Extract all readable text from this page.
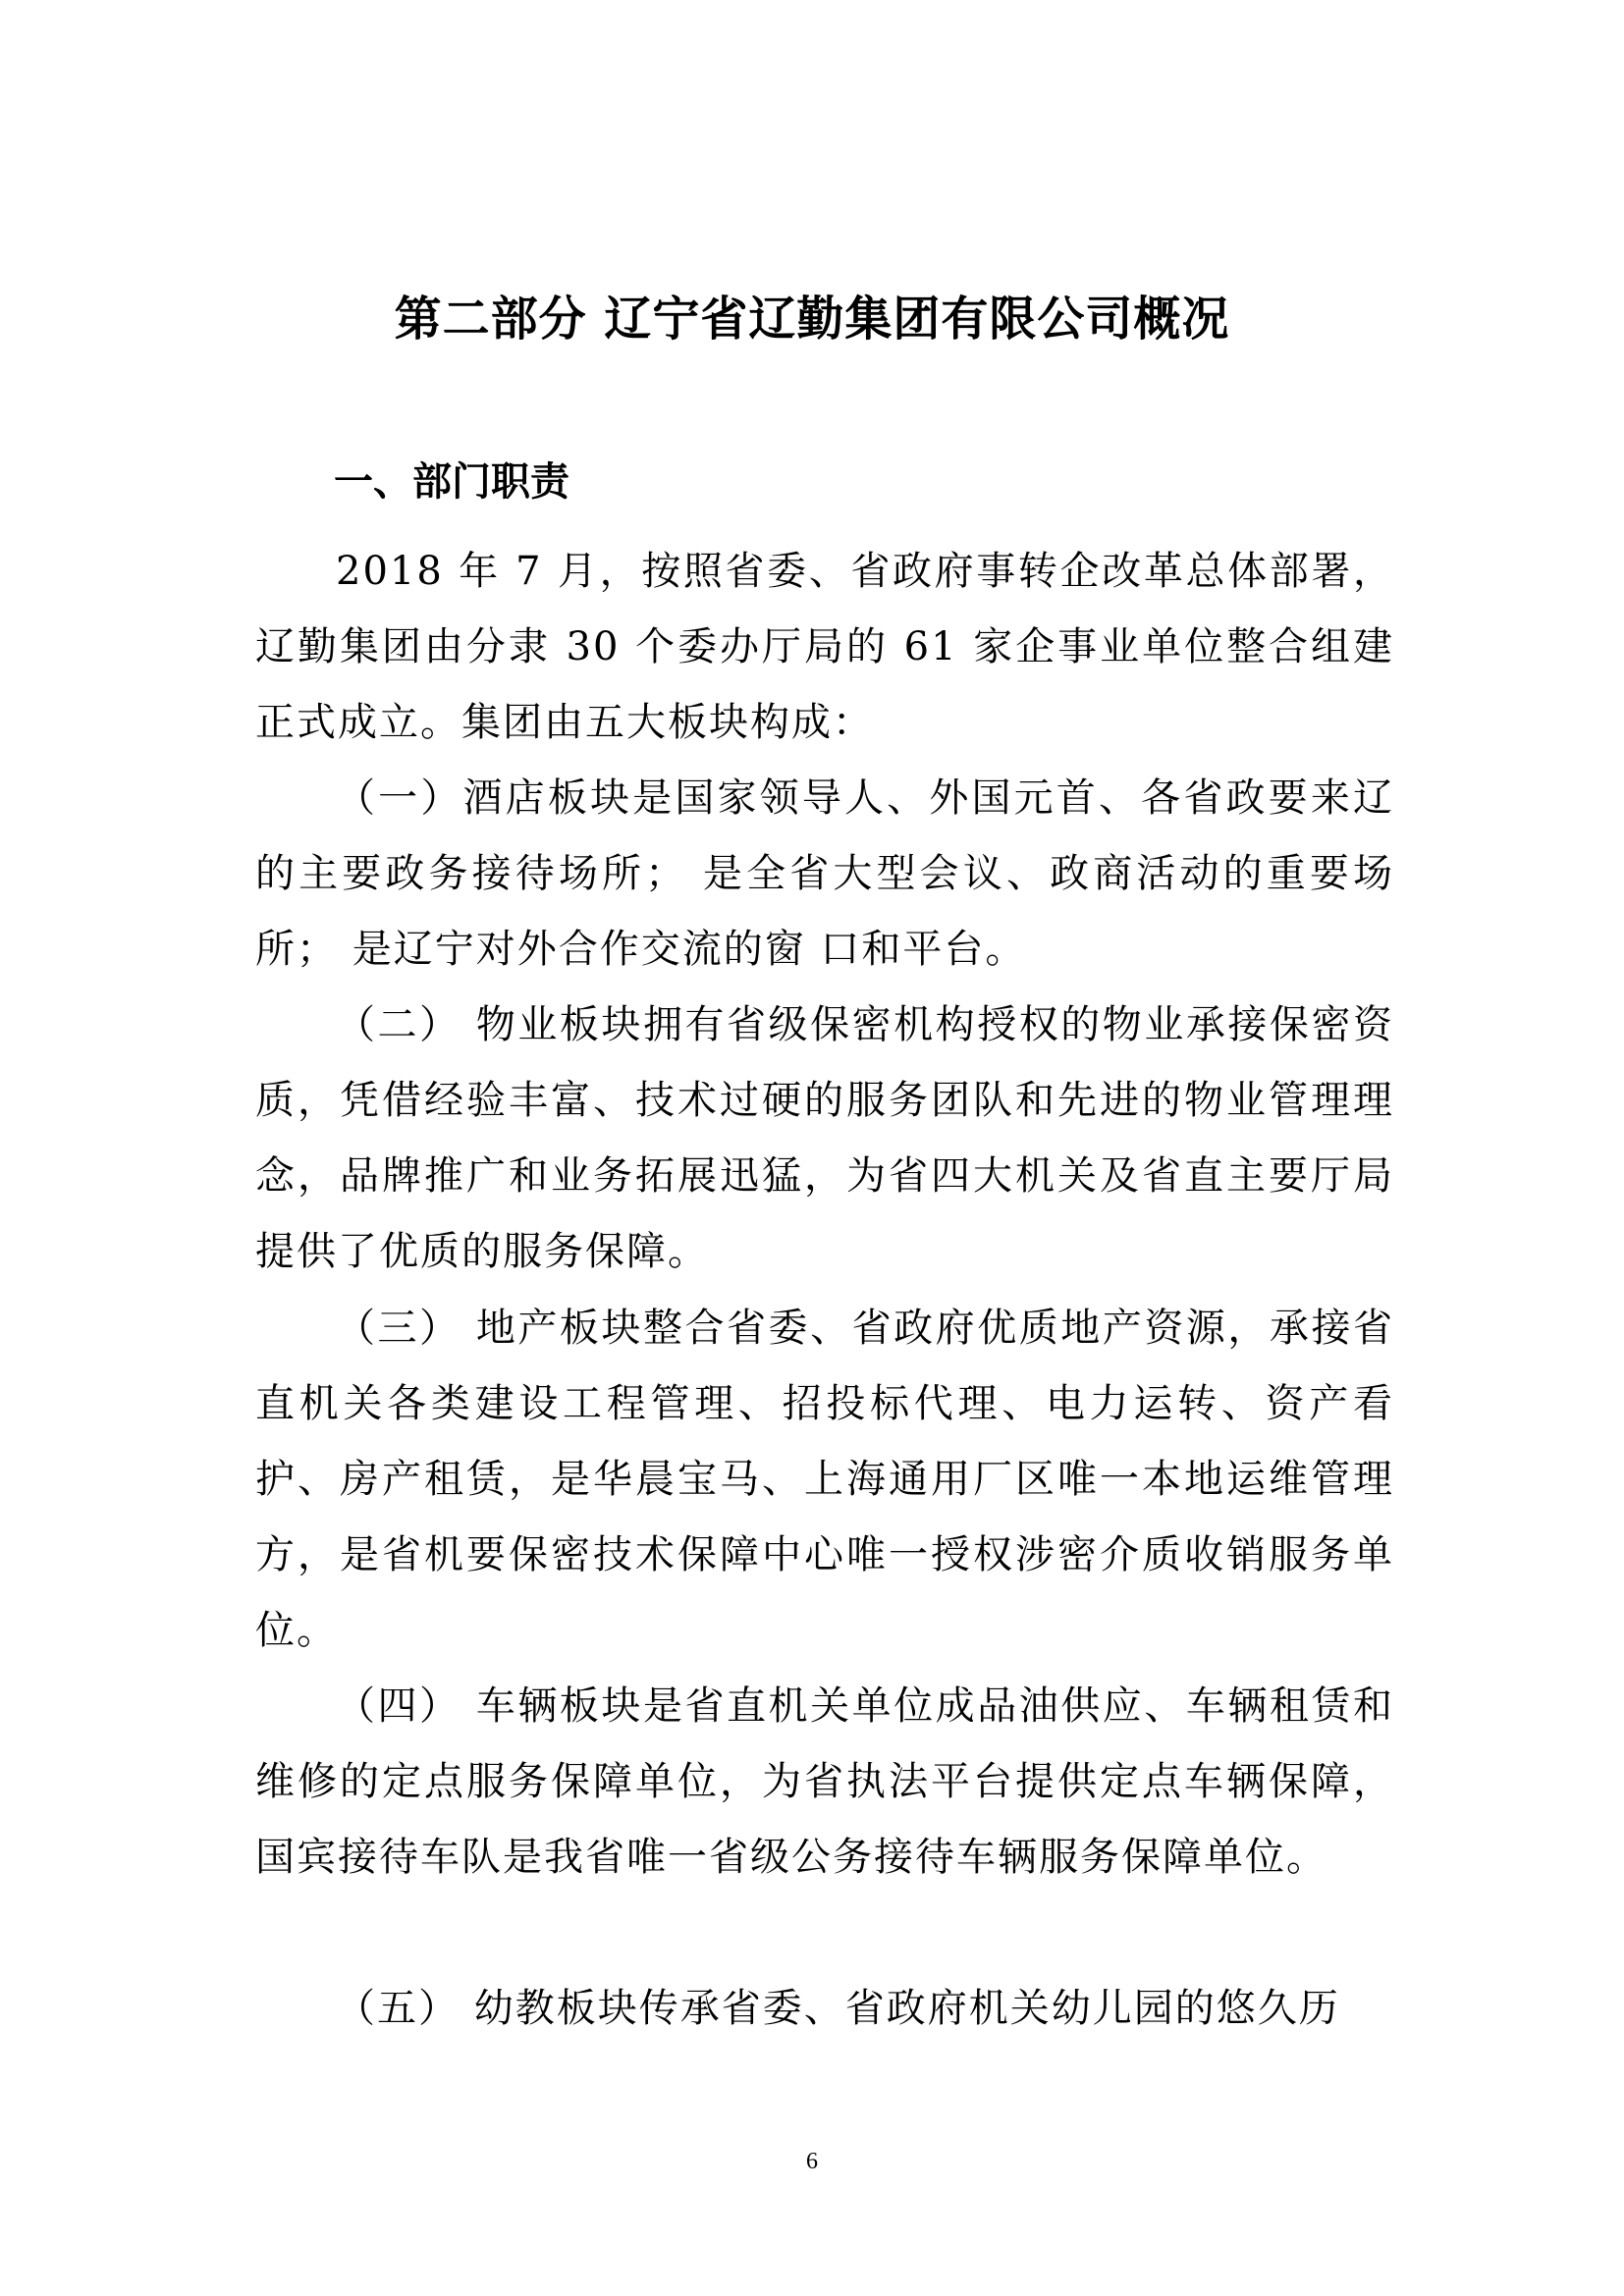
第二部分 辽宁省辽勤集团有限公司概况
一、部门职责

2018 年 7 月，按照省委、省政府事转企改革总体部署，辽勤集团由分隶 30 个委办厅局的 61 家企事业单位整合组建正式成立。集团由五大板块构成：

（一）酒店板块是国家领导人、外国元首、各省政要来辽的主要政务接待场所； 是全省大型会议、政商活动的重要场所； 是辽宁对外合作交流的窗 口和平台。

（二） 物业板块拥有省级保密机构授权的物业承接保密资质，凭借经验丰富、技术过硬的服务团队和先进的物业管理理念，品牌推广和业务拓展迅猛，为省四大机关及省直主要厅局提供了优质的服务保障。

（三） 地产板块整合省委、省政府优质地产资源，承接省直机关各类建设工程管理、招投标代理、电力运转、资产看护、房产租赁，是华晨宝马、上海通用厂区唯一本地运维管理方，是省机要保密技术保障中心唯一授权涉密介质收销服务单位。

（四） 车辆板块是省直机关单位成品油供应、车辆租赁和维修的定点服务保障单位，为省执法平台提供定点车辆保障，国宾接待车队是我省唯一省级公务接待车辆服务保障单位。

（五） 幼教板块传承省委、省政府机关幼儿园的悠久历

6
